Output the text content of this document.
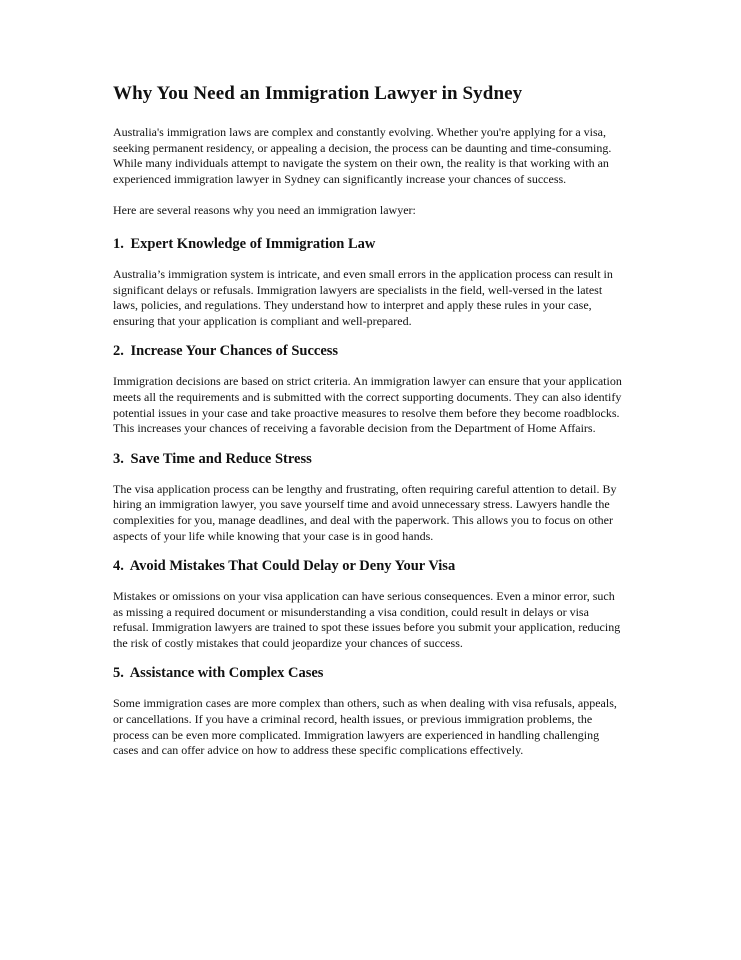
Why You Need an Immigration Lawyer in Sydney

Australia's immigration laws are complex and constantly evolving. Whether you're applying for a visa, seeking permanent residency, or appealing a decision, the process can be daunting and time-consuming. While many individuals attempt to navigate the system on their own, the reality is that working with an experienced immigration lawyer in Sydney can significantly increase your chances of success.

Here are several reasons why you need an immigration lawyer:

1. Expert Knowledge of Immigration Law

Australia’s immigration system is intricate, and even small errors in the application process can result in significant delays or refusals. Immigration lawyers are specialists in the field, well-versed in the latest laws, policies, and regulations. They understand how to interpret and apply these rules in your case, ensuring that your application is compliant and well-prepared.

2. Increase Your Chances of Success

Immigration decisions are based on strict criteria. An immigration lawyer can ensure that your application meets all the requirements and is submitted with the correct supporting documents. They can also identify potential issues in your case and take proactive measures to resolve them before they become roadblocks. This increases your chances of receiving a favorable decision from the Department of Home Affairs.

3. Save Time and Reduce Stress

The visa application process can be lengthy and frustrating, often requiring careful attention to detail. By hiring an immigration lawyer, you save yourself time and avoid unnecessary stress. Lawyers handle the complexities for you, manage deadlines, and deal with the paperwork. This allows you to focus on other aspects of your life while knowing that your case is in good hands.

4. Avoid Mistakes That Could Delay or Deny Your Visa

Mistakes or omissions on your visa application can have serious consequences. Even a minor error, such as missing a required document or misunderstanding a visa condition, could result in delays or visa refusal. Immigration lawyers are trained to spot these issues before you submit your application, reducing the risk of costly mistakes that could jeopardize your chances of success.

5. Assistance with Complex Cases

Some immigration cases are more complex than others, such as when dealing with visa refusals, appeals, or cancellations. If you have a criminal record, health issues, or previous immigration problems, the process can be even more complicated. Immigration lawyers are experienced in handling challenging cases and can offer advice on how to address these specific complications effectively.
